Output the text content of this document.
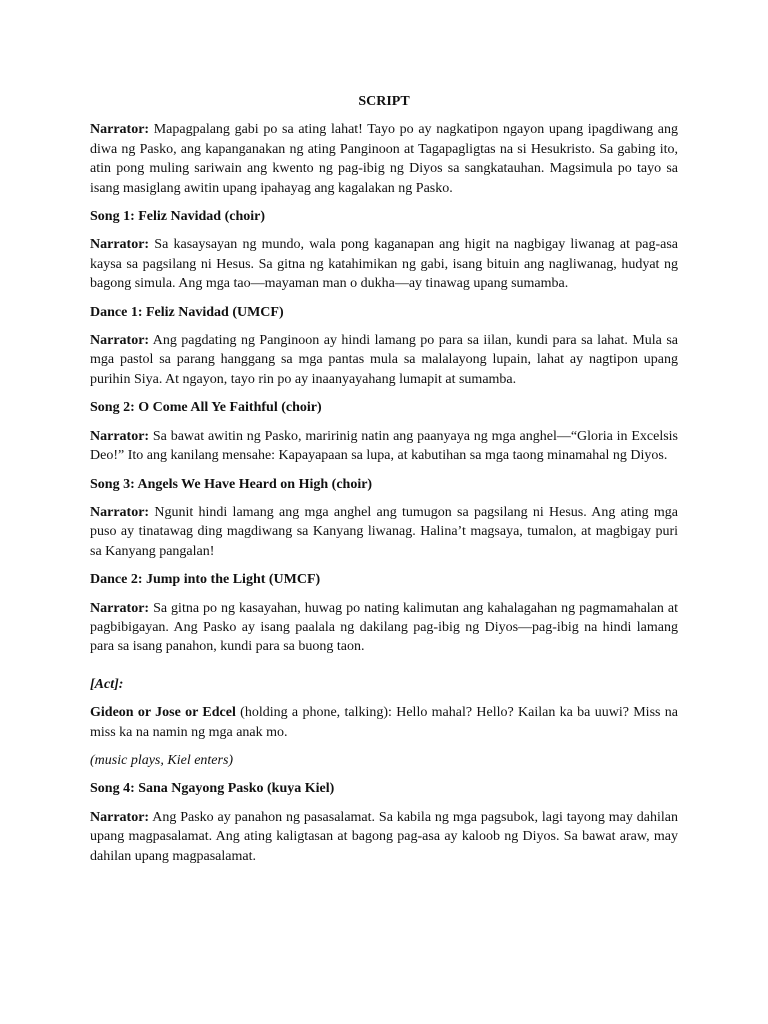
SCRIPT

Narrator: Mapagpalang gabi po sa ating lahat! Tayo po ay nagkatipon ngayon upang ipagdiwang ang diwa ng Pasko, ang kapanganakan ng ating Panginoon at Tagapagligtas na si Hesukristo. Sa gabing ito, atin pong muling sariwain ang kwento ng pag-ibig ng Diyos sa sangkatauhan. Magsimula po tayo sa isang masiglang awitin upang ipahayag ang kagalakan ng Pasko.

Song 1: Feliz Navidad (choir)

Narrator: Sa kasaysayan ng mundo, wala pong kaganapan ang higit na nagbigay liwanag at pag-asa kaysa sa pagsilang ni Hesus. Sa gitna ng katahimikan ng gabi, isang bituin ang nagliwanag, hudyat ng bagong simula. Ang mga tao—mayaman man o dukha—ay tinawag upang sumamba.

Dance 1: Feliz Navidad (UMCF)

Narrator: Ang pagdating ng Panginoon ay hindi lamang po para sa iilan, kundi para sa lahat. Mula sa mga pastol sa parang hanggang sa mga pantas mula sa malalayong lupain, lahat ay nagtipon upang purihin Siya. At ngayon, tayo rin po ay inaanyayahang lumapit at sumamba.

Song 2: O Come All Ye Faithful (choir)

Narrator: Sa bawat awitin ng Pasko, maririnig natin ang paanyaya ng mga anghel—“Gloria in Excelsis Deo!” Ito ang kanilang mensahe: Kapayapaan sa lupa, at kabutihan sa mga taong minamahal ng Diyos.

Song 3: Angels We Have Heard on High (choir)

Narrator: Ngunit hindi lamang ang mga anghel ang tumugon sa pagsilang ni Hesus. Ang ating mga puso ay tinatawag ding magdiwang sa Kanyang liwanag. Halina’t magsaya, tumalon, at magbigay puri sa Kanyang pangalan!

Dance 2: Jump into the Light (UMCF)

Narrator: Sa gitna po ng kasayahan, huwag po nating kalimutan ang kahalagahan ng pagmamahalan at pagbibigayan. Ang Pasko ay isang paalala ng dakilang pag-ibig ng Diyos—pag-ibig na hindi lamang para sa isang panahon, kundi para sa buong taon.

[Act]:

Gideon or Jose or Edcel (holding a phone, talking): Hello mahal? Hello? Kailan ka ba uuwi? Miss na miss ka na namin ng mga anak mo.

(music plays, Kiel enters)

Song 4: Sana Ngayong Pasko (kuya Kiel)

Narrator: Ang Pasko ay panahon ng pasasalamat. Sa kabila ng mga pagsubok, lagi tayong may dahilan upang magpasalamat. Ang ating kaligtasan at bagong pag-asa ay kaloob ng Diyos. Sa bawat araw, may dahilan upang magpasalamat.
